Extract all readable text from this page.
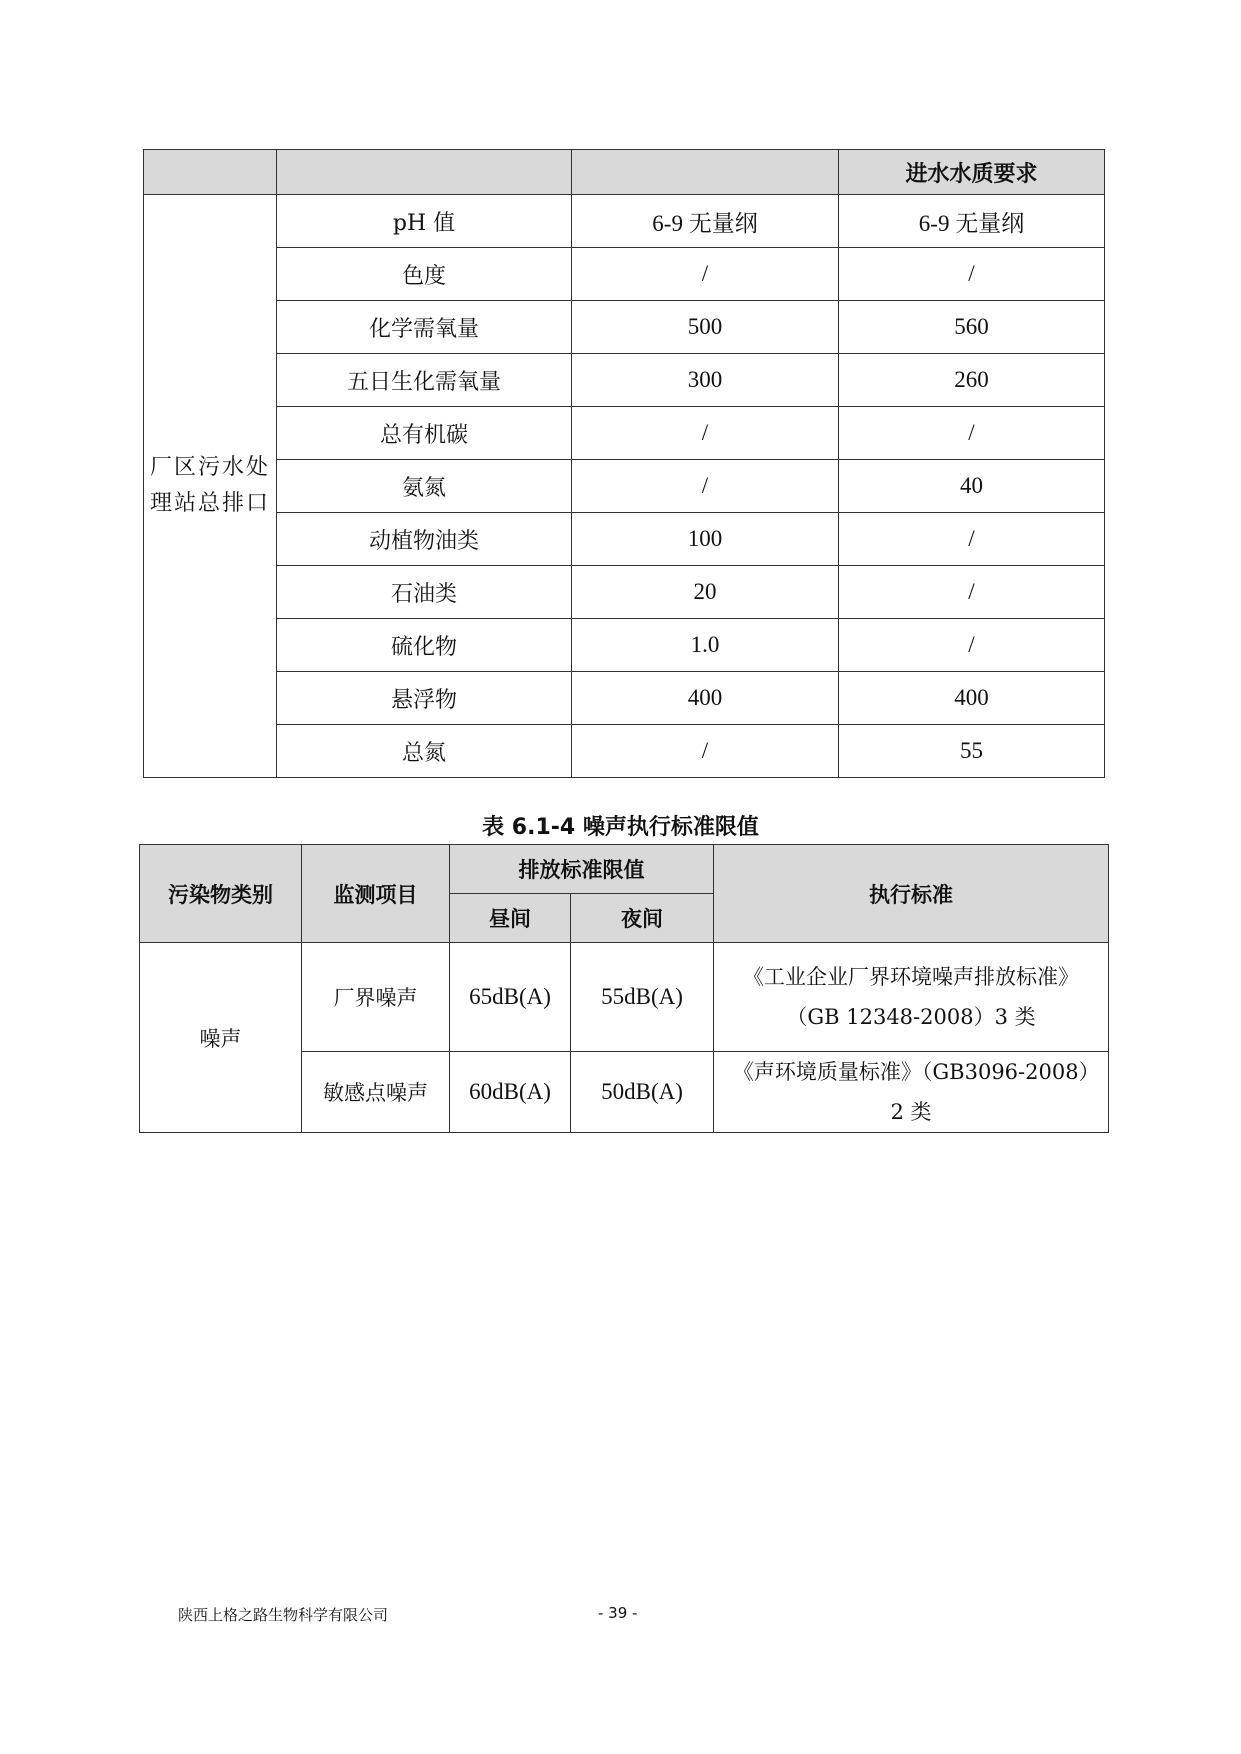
			进水水质要求
厂区污水处理站总排口	pH 值	6-9 无量纲	6-9 无量纲
	色度	/	/
	化学需氧量	500	560
	五日生化需氧量	300	260
	总有机碳	/	/
	氨氮	/	40
	动植物油类	100	/
	石油类	20	/
	硫化物	1.0	/
	悬浮物	400	400
	总氮	/	55
表 6.1-4 噪声执行标准限值
污染物类别	监测项目	排放标准限值		执行标准
		昼间	夜间	
噪声	厂界噪声	65dB(A)	55dB(A)	《工业企业厂界环境噪声排放标准》（GB 12348-2008）3 类
	敏感点噪声	60dB(A)	50dB(A)	《声环境质量标准》（GB3096-2008）2 类
陕西上格之路生物科学有限公司	- 39 -
